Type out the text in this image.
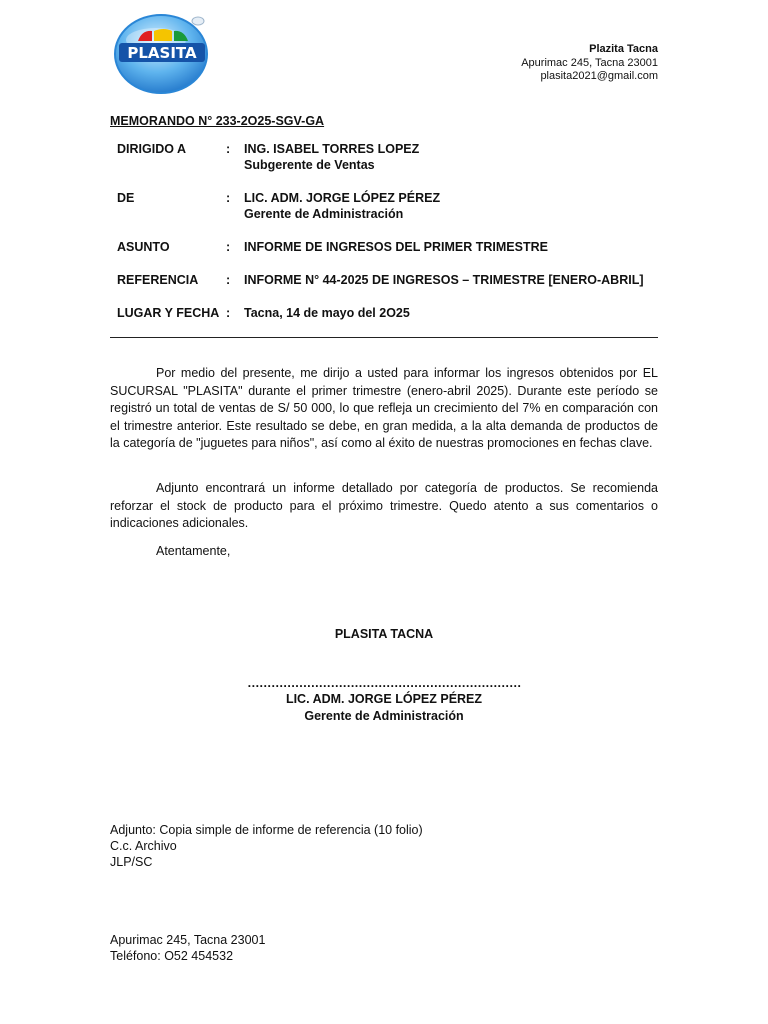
PLASITA	Plazita Tacna
Apurimac 245, Tacna 23001
plasita2021@gmail.com
MEMORANDO N° 233-2O25-SGV-GA
DIRIGIDO A	: ING. ISABEL TORRES LOPEZ
Subgerente de Ventas
DE	: LIC. ADM. JORGE LÓPEZ PÉREZ
Gerente de Administración
ASUNTO	: INFORME DE INGRESOS DEL PRIMER TRIMESTRE
REFERENCIA	: INFORME N° 44-2025 DE INGRESOS – TRIMESTRE [ENERO-ABRIL]
LUGAR Y FECHA : Tacna, 14 de mayo del 2O25

Por medio del presente, me dirijo a usted para informar los ingresos obtenidos por EL SUCURSAL "PLASITA" durante el primer trimestre (enero-abril 2025). Durante este período se registró un total de ventas de S/ 50 000, lo que refleja un crecimiento del 7% en comparación con el trimestre anterior. Este resultado se debe, en gran medida, a la alta demanda de productos de la categoría de "juguetes para niños", así como al éxito de nuestras promociones en fechas clave.

Adjunto encontrará un informe detallado por categoría de productos. Se recomienda reforzar el stock de producto para el próximo trimestre. Quedo atento a sus comentarios o indicaciones adicionales.

Atentamente,

PLASITA TACNA
……………………………………………………………
LIC. ADM. JORGE LÓPEZ PÉREZ
Gerente de Administración
Adjunto: Copia simple de informe de referencia (10 folio)
C.c. Archivo
JLP/SC
Apurimac 245, Tacna 23001
Teléfono: O52 454532
